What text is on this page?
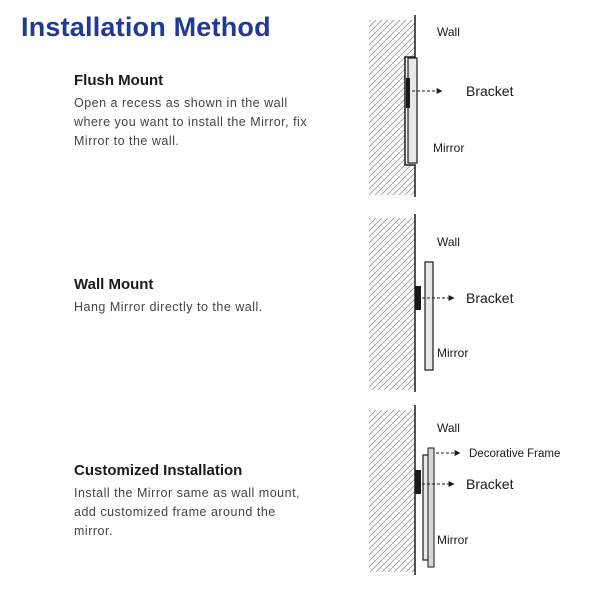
Installation Method
Flush Mount
Open a recess as shown in the wall where you want to install the Mirror, fix Mirror to the wall.
Wall Mount
Hang Mirror directly to the wall.
Customized Installation
Install the Mirror same as wall mount, add customized frame around the mirror.
Wall
Bracket
Mirror
Wall
Bracket
Mirror
Wall
Decorative Frame
Bracket
Mirror
